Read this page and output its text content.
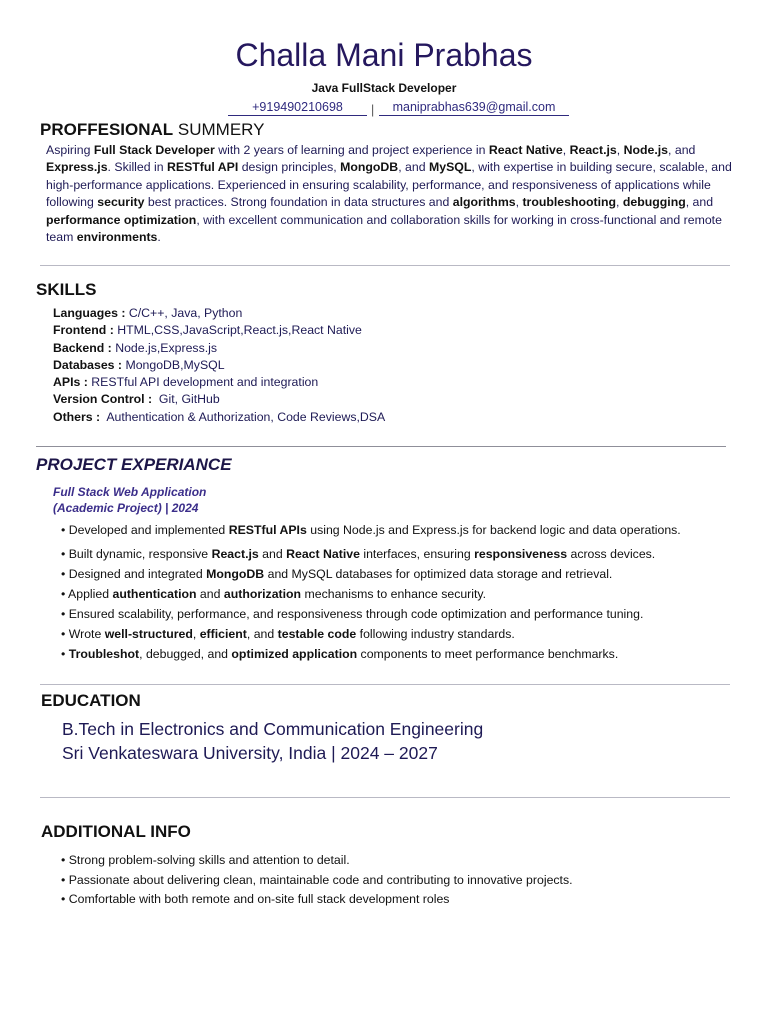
Challa Mani Prabhas
Java FullStack Developer
+919490210698	|	maniprabhas639@gmail.com
PROFFESIONAL SUMMERY
Aspiring Full Stack Developer with 2 years of learning and project experience in React Native, React.js, Node.js, and Express.js. Skilled in RESTful API design principles, MongoDB, and MySQL, with expertise in building secure, scalable, and high-performance applications. Experienced in ensuring scalability, performance, and responsiveness of applications while following security best practices. Strong foundation in data structures and algorithms, troubleshooting, debugging, and performance optimization, with excellent communication and collaboration skills for working in cross-functional and remote team environments.
SKILLS
Languages : C/C++, Java, Python
Frontend : HTML,CSS,JavaScript,React.js,React Native
Backend : Node.js,Express.js
Databases : MongoDB,MySQL
APIs : RESTful API development and integration
Version Control :  Git, GitHub
Others :  Authentication & Authorization, Code Reviews,DSA
PROJECT EXPERIANCE
Full Stack Web Application
(Academic Project) | 2024
• Developed and implemented RESTful APIs using Node.js and Express.js for backend logic and data operations.
• Built dynamic, responsive React.js and React Native interfaces, ensuring responsiveness across devices.
• Designed and integrated MongoDB and MySQL databases for optimized data storage and retrieval.
• Applied authentication and authorization mechanisms to enhance security.
• Ensured scalability, performance, and responsiveness through code optimization and performance tuning.
• Wrote well-structured, efficient, and testable code following industry standards.
• Troubleshot, debugged, and optimized application components to meet performance benchmarks.
EDUCATION
B.Tech in Electronics and Communication Engineering
Sri Venkateswara University, India | 2024 – 2027
ADDITIONAL INFO
• Strong problem-solving skills and attention to detail.
• Passionate about delivering clean, maintainable code and contributing to innovative projects.
• Comfortable with both remote and on-site full stack development roles
